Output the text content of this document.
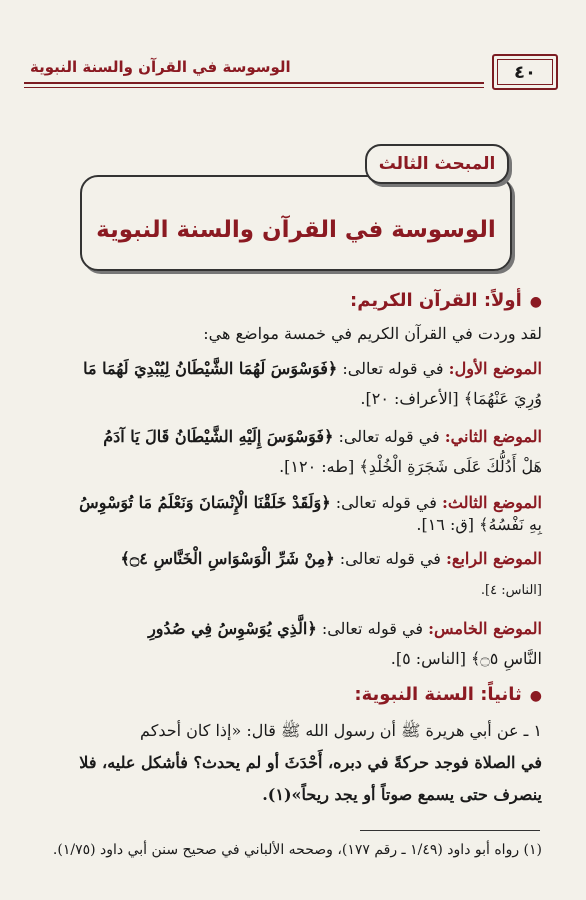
الوسوسة في القرآن والسنة النبوية	٤٠
المبحث الثالث
الوسوسة في القرآن والسنة النبوية
●أولاً: القرآن الكريم:
لقد وردت في القرآن الكريم في خمسة مواضع هي:
الموضع الأول: في قوله تعالى: ﴿فَوَسْوَسَ لَهُمَا الشَّيْطَانُ لِيُبْدِيَ لَهُمَا مَا
وُرِيَ عَنْهُمَا﴾ [الأعراف: ٢٠].
الموضع الثاني: في قوله تعالى: ﴿فَوَسْوَسَ إِلَيْهِ الشَّيْطَانُ قَالَ يَا آدَمُ
هَلْ أَدُلُّكَ عَلَى شَجَرَةِ الْخُلْدِ﴾ [طه: ١٢٠].
الموضع الثالث: في قوله تعالى: ﴿وَلَقَدْ خَلَقْنَا الْإِنْسَانَ وَنَعْلَمُ مَا تُوَسْوِسُ
بِهِ نَفْسُهُ﴾ [ق: ١٦].
الموضع الرابع: في قوله تعالى: ﴿مِنْ شَرِّ الْوَسْوَاسِ الْخَنَّاسِ ۝٤﴾
[الناس: ٤].
الموضع الخامس: في قوله تعالى: ﴿الَّذِي يُوَسْوِسُ فِي صُدُورِ
النَّاسِ ۝٥﴾ [الناس: ٥].
●ثانياً: السنة النبوية:
١ ـ عن أبي هريرة ﷺ أن رسول الله ﷺ قال: «إذا كان أحدكم
في الصلاة فوجد حركةً في دبره، أَحْدَثَ أو لم يحدث؟ فأشكل عليه، فلا
ينصرف حتى يسمع صوتاً أو يجد ريحاً»(١).
(١) رواه أبو داود (١/٤٩ ـ رقم ١٧٧)، وصححه الألباني في صحيح سنن أبي داود (١/٧٥).
